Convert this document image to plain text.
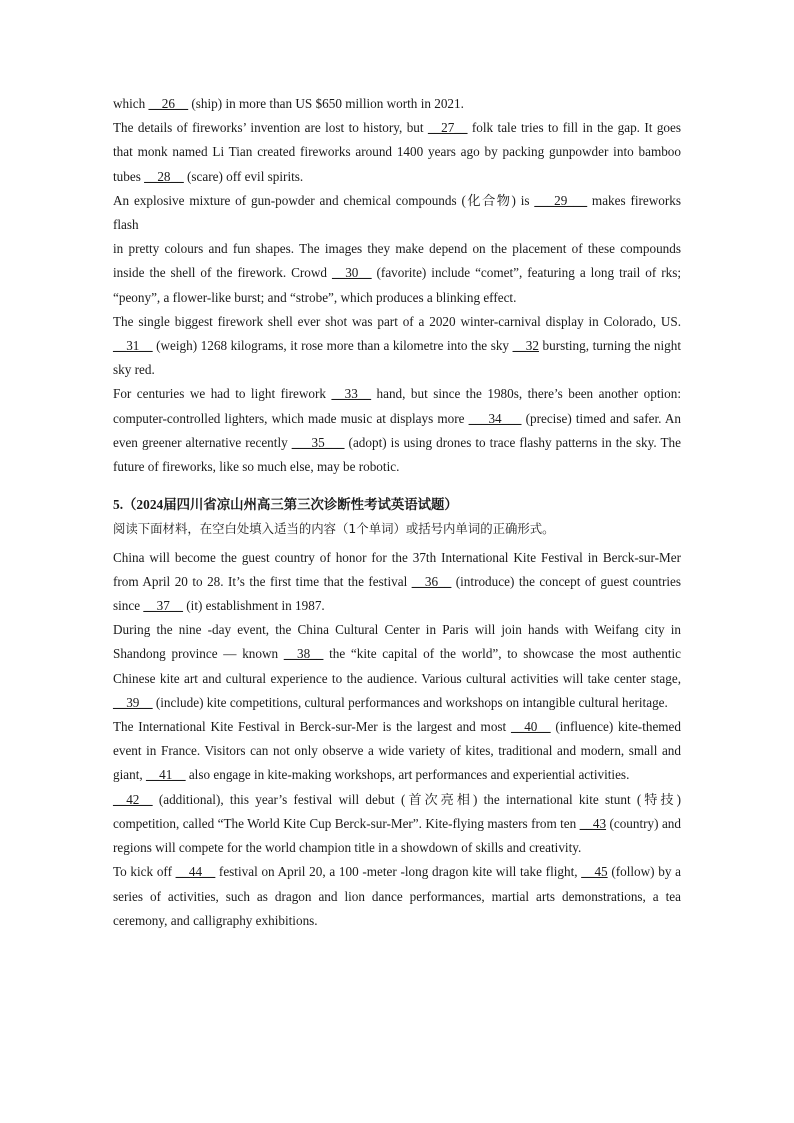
which __26__ (ship) in more than US $650 million worth in 2021.

The details of fireworks’ invention are lost to history, but __27__ folk tale tries to fill in the gap. It goes that monk named Li Tian created fireworks around 1400 years ago by packing gunpowder into bamboo tubes __28__ (scare) off evil spirits.

An explosive mixture of gun-powder and chemical compounds (化合物) is ___29___ makes fireworks flash

in pretty colours and fun shapes. The images they make depend on the placement of these compounds inside the shell of the firework. Crowd __30__ (favorite) include “comet”, featuring a long trail of rks; “peony”, a flower-like burst; and “strobe”, which produces a blinking effect.

The single biggest firework shell ever shot was part of a 2020 winter-carnival display in Colorado, US. __31__ (weigh) 1268 kilograms, it rose more than a kilometre into the sky __32 bursting, turning the night sky red.

For centuries we had to light firework __33__ hand, but since the 1980s, there’s been another option: computer-controlled lighters, which made music at displays more ___34___ (precise) timed and safer. An even greener alternative recently ___35___ (adopt) is using drones to trace flashy patterns in the sky. The future of fireworks, like so much else, may be robotic.

5.（2024届四川省凉山州高三第三次诊断性考试英语试题）

阅读下面材料，在空白处填入适当的内容（1个单词）或括号内单词的正确形式。

China will become the guest country of honor for the 37th International Kite Festival in Berck-sur-Mer from April 20 to 28. It’s the first time that the festival __36__ (introduce) the concept of guest countries since __37__ (it) establishment in 1987.

During the nine -day event, the China Cultural Center in Paris will join hands with Weifang city in Shandong province — known __38__ the “kite capital of the world”, to showcase the most authentic Chinese kite art and cultural experience to the audience. Various cultural activities will take center stage, __39__ (include) kite competitions, cultural performances and workshops on intangible cultural heritage.

The International Kite Festival in Berck-sur-Mer is the largest and most __40__ (influence) kite-themed event in France. Visitors can not only observe a wide variety of kites, traditional and modern, small and giant, __41__ also engage in kite-making workshops, art performances and experiential activities.

__42__ (additional), this year’s festival will debut (首次亮相) the international kite stunt (特技) competition, called “The World Kite Cup Berck-sur-Mer”. Kite-flying masters from ten __43 (country) and regions will compete for the world champion title in a showdown of skills and creativity.

To kick off __44__ festival on April 20, a 100 -meter -long dragon kite will take flight, __45 (follow) by a series of activities, such as dragon and lion dance performances, martial arts demonstrations, a tea ceremony, and calligraphy exhibitions.
